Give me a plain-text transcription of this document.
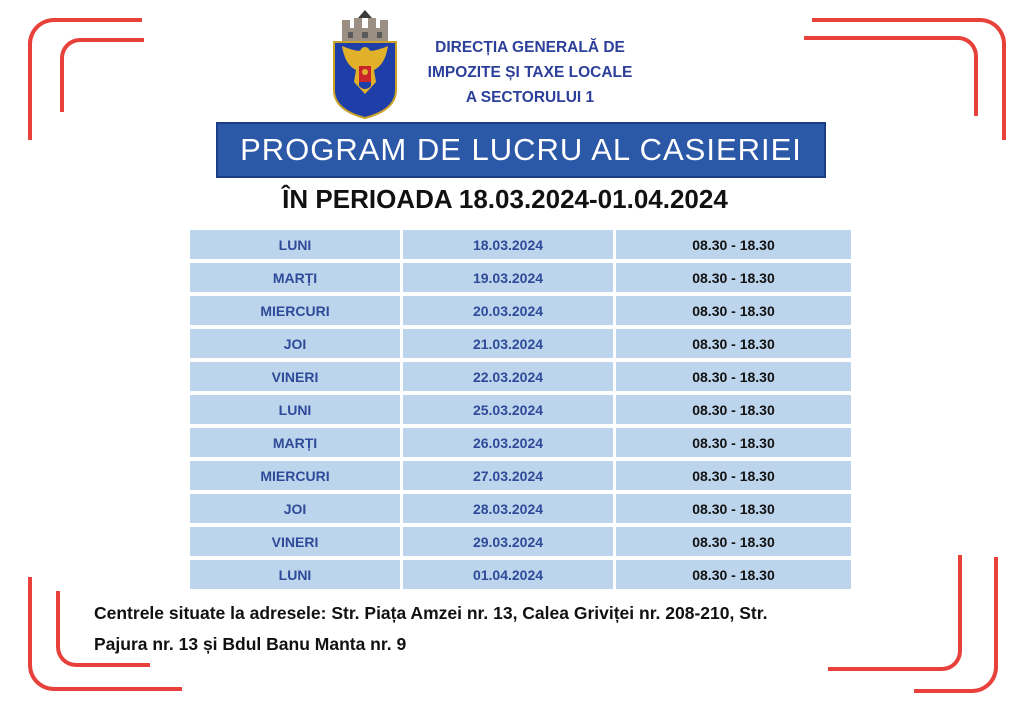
DIRECȚIA GENERALĂ DE
IMPOZITE ȘI TAXE LOCALE
A SECTORULUI 1
PROGRAM DE LUCRU AL CASIERIEI
ÎN PERIOADA 18.03.2024-01.04.2024
LUNI	18.03.2024	08.30 - 18.30
MARȚI	19.03.2024	08.30 - 18.30
MIERCURI	20.03.2024	08.30 - 18.30
JOI	21.03.2024	08.30 - 18.30
VINERI	22.03.2024	08.30 - 18.30
LUNI	25.03.2024	08.30 - 18.30
MARȚI	26.03.2024	08.30 - 18.30
MIERCURI	27.03.2024	08.30 - 18.30
JOI	28.03.2024	08.30 - 18.30
VINERI	29.03.2024	08.30 - 18.30
LUNI	01.04.2024	08.30 - 18.30
Centrele situate la adresele: Str. Piața Amzei nr. 13, Calea Griviței nr. 208-210, Str.
Pajura nr. 13 și Bdul Banu Manta nr. 9
